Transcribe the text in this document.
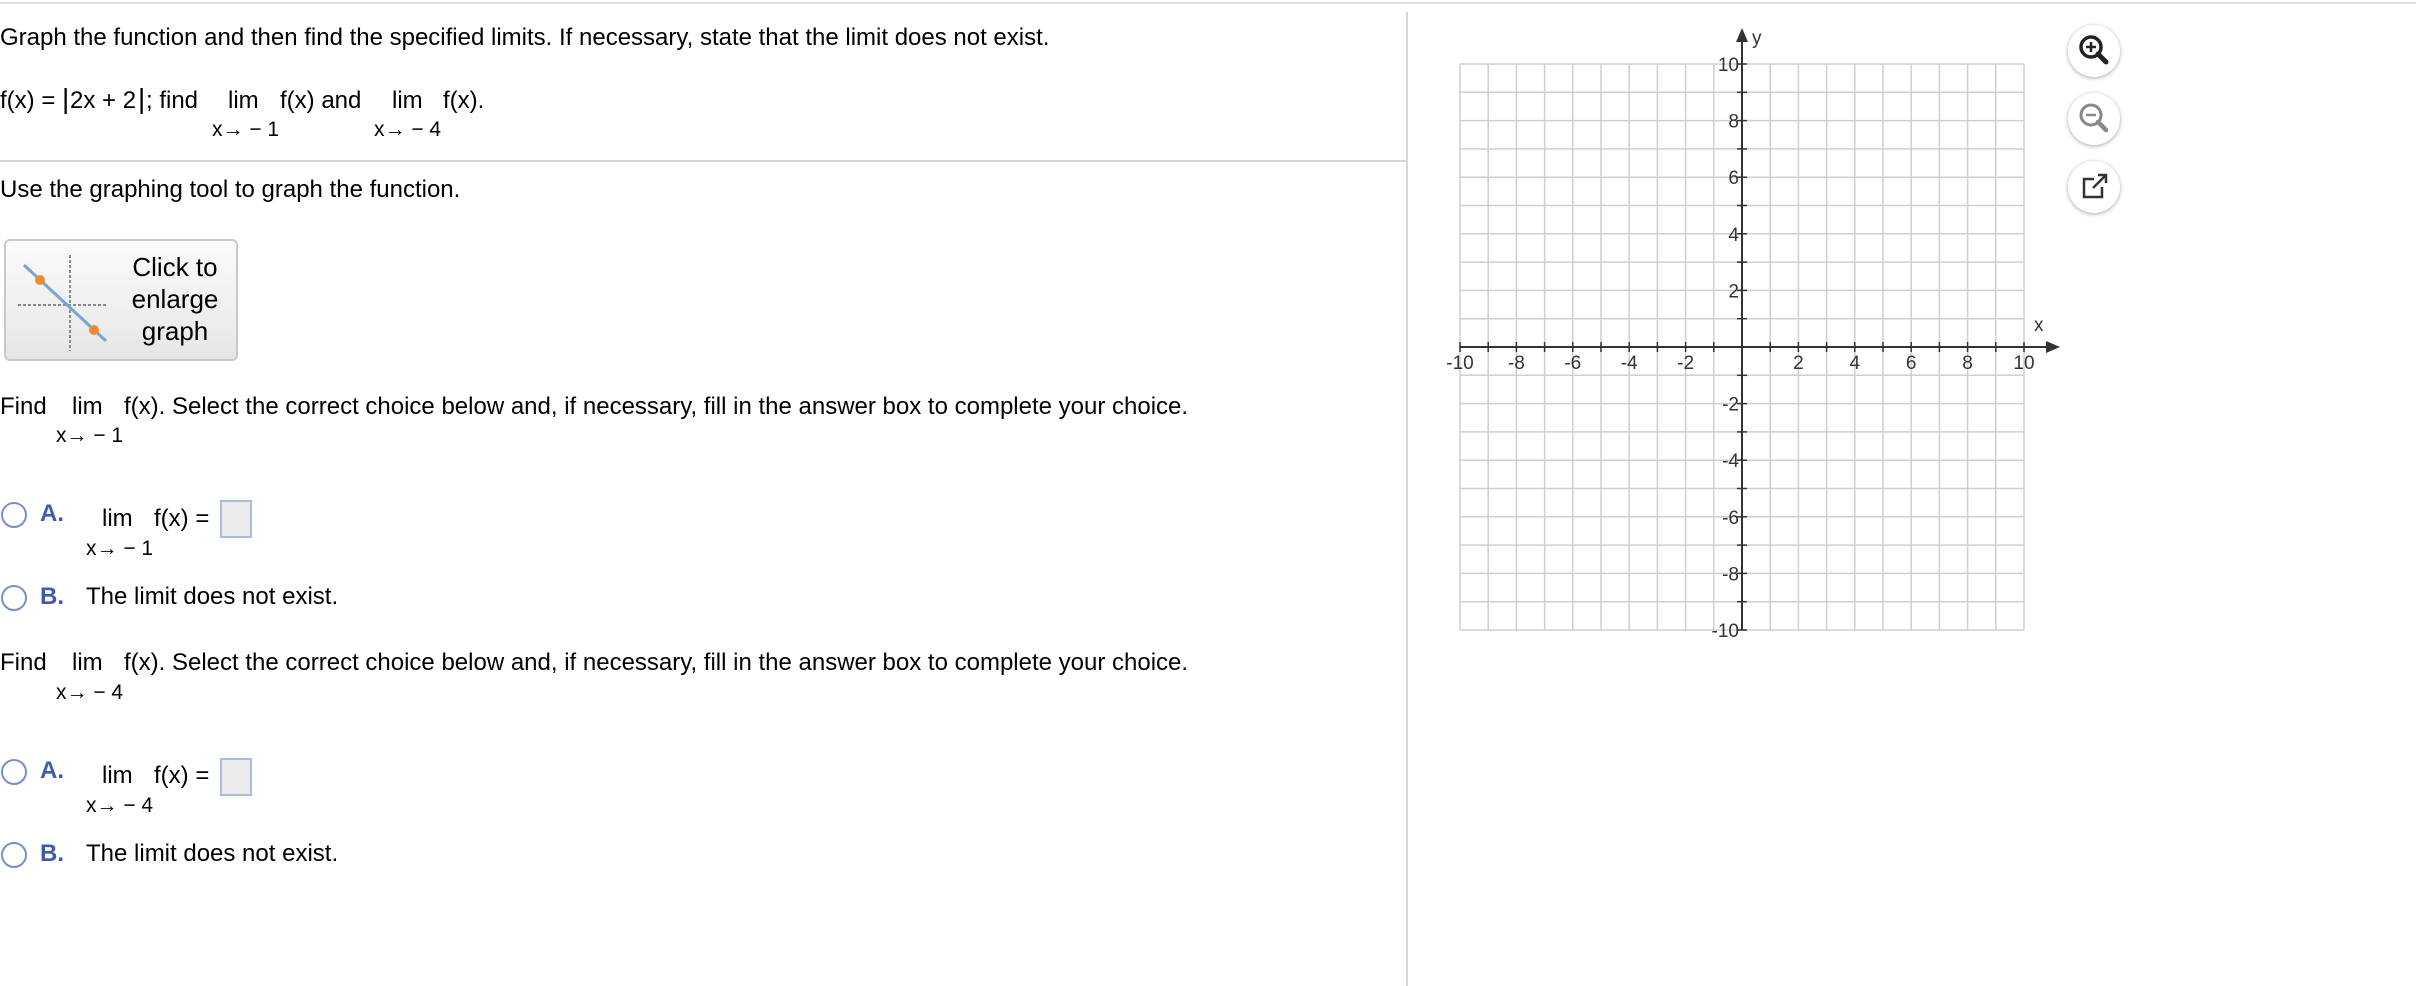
Graph the function and then find the specified limits. If necessary, state that the limit does not exist.
f(x) = | 2x + 2 | ; find lim f(x) and
x→ − 1
lim f(x).
x→ − 4
Use the graphing tool to graph the function.
Click to enlarge graph
Find lim f(x). Select the correct choice below and, if necessary, fill in the answer box to complete your choice.
x→ − 1
A. lim f(x) =
x→ − 1
B. The limit does not exist.
Find lim f(x). Select the correct choice below and, if necessary, fill in the answer box to complete your choice.
x→ − 4
A. lim f(x) =
x→ − 4
B. The limit does not exist.
-10 -8 -6 -4 -2	2 4 6 8 10
10
8
6
4
2
-2
-4
-6
-8
-10
x
y
